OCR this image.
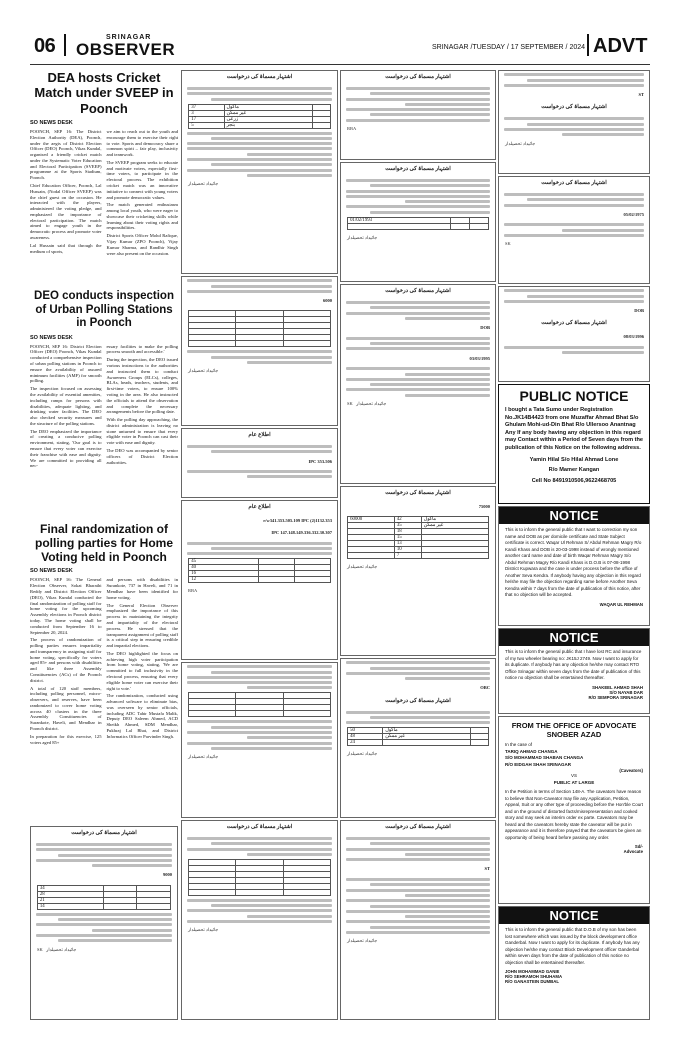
06	SRINAGAR
OBSERVER	SRINAGAR /TUESDAY / 17 SEPTEMBER / 2024 ADVT
DEA hosts Cricket Match under SVEEP in Poonch
SO NEWS DESK

POONCH, SEP 16: The District Election Authority (DEA), Poonch, under the aegis of District Election Officer (DEO) Poonch, Vikas Kundal, organised a friendly cricket match under the Systematic Voter Education and Electoral Participation (SVEEP) programme at the Sports Stadium, Poonch.

Chief Education Officer, Poonch, Lal Hussain, (Nodal Officer SVEEP) was the chief guest on the occasion. He interacted with the players, administered the voting pledge, and emphasized the importance of electoral participation. The match aimed to engage youth in the democratic process and promote voter awareness.

Lal Hussain said that through the medium of sports,

we aim to reach out to the youth and encourage them to exercise their right to vote. Sports and democracy share a common spirit – fair play, inclusivity and teamwork.

The SVEEP program seeks to educate and motivate voters, especially first-time voters, to participate in the electoral process. The exhibition cricket match was an innovative initiative to connect with young voters and promote democratic values.

The match generated enthusiasm among local youth, who were eager to showcase their cricketing skills while learning about their voting rights and responsibilities.

District Sports Officer Mohd Rafique, Vijay Kumar (ZPO Poonch), Vijay Kumar Sharma, and Randhir Singh were also present on the occasion.

DEO conducts inspection of Urban Polling Stations in Poonch
SO NEWS DESK

POONCH, SEP 16: District Election Officer (DEO) Poonch, Vikas Kundal conducted a comprehensive inspection of urban polling stations in Poonch to ensure the availability of assured minimum facilities (AMF) for smooth polling.

The inspection focused on assessing the availability of essential amenities, including ramps for persons with disabilities, adequate lighting, and drinking water facilities. The DEO also checked security measures and the structure of the polling stations.

The DEO emphasized the importance of creating a conducive polling environment, stating, 'Our goal is to ensure that every voter can exercise their franchise with ease and dignity. We are committed to providing all nec-

essary facilities to make the polling process smooth and accessible.'

During the inspection, the DEO issued various instructions to the authorities and instructed them to conduct Awareness Groups (ELCs), colleges, BLAs, heads, teachers, students, and first-time voters, to ensure 100% voting in the area. He also instructed the officials to attend the observation and complete the necessary arrangements before the polling date.

With the polling day approaching, the district administration is leaving no stone unturned to ensure that every eligible voter in Poonch can cast their vote with ease and dignity.

The DEO was accompanied by senior officers of District Election authorities.

Final randomization of polling parties for Home Voting held in Poonch
SO NEWS DESK

POONCH, SEP 16: The General Election Observer, Sokat Bharathi Reddy and District Election Officer (DEO), Vikas Kundal conducted the final randomization of polling staff for home voting for the upcoming Assembly elections in Poonch district today. The home voting shall be conducted from September 16 to September 20, 2024.

The process of randomization of polling parties ensures impartiality and transparency in assigning staff for home voting, specifically for voters aged 85+ and persons with disabilities and like three Assembly Constituencies (ACs) of the Poonch district.

A total of 120 staff members, including polling personnel, micro-observers, and reserves, have been randomized to cover home voting across 40 clusters in the three Assembly Constituencies of Surankote, Haveli, and Mendhar in Poonch district.

In preparation for this exercise, 125 voters aged 85+

and persons with disabilities in Surankote, 737 in Haveli, and 71 in Mendhar have been identified for home voting.

The General Election Observer emphasized the importance of this process in maintaining the integrity and impartiality of the electoral process. He stressed that the transparent assignment of polling staff is a critical step in ensuring credible and impartial elections.

The DEO highlighted the focus on achieving high voter participation from home voting, stating, 'We are committed to full inclusivity in the electoral process, ensuring that every eligible home voter can exercise their right to vote.'

The randomization, conducted using advanced software to eliminate bias, was overseen by senior officials, including ADC Tahir Mustafa Malik, Deputy DEO Saleem Ahmed, ACD Sheikh Ahmed, SDM Mendhar, Pukhraj Lal Bhat, and District Informatics Officer Parvinder Singh.

اشتہار مسماۃ کی درخواست
9000
34		
28		
21		
14		
SK جائیداد تحصیلدار
اشتہار مسماۃ کی درخواست
37	ماکول	
3	غیر ممکن	
17	زرعی	
5	بنجر	
جائیداد تحصیلدار
6000

جائیداد تحصیلدار
اطلاع عام
353.506 IPC
اطلاع عام
1132.353(2) r/w341.353.505.109 IPC
147.148.149.336.332.30.307 IPC
45		
40		
16		
12		
RBA

جائیداد تحصیلدار
اشتہار مسماۃ کی درخواست

جائیداد تحصیلدار
اشتہار مسماۃ کی درخواست
RBA
اشتہار مسماۃ کی درخواست
01/02/1993		

جائیداد تحصیلدار
اشتہار مسماۃ کی درخواست
DOB
03/03/1995
SK جائیداد تحصیلدار
اشتہار مسماۃ کی درخواست
75000
60000	42	ماکول
	35	غیر ممکن
	18	
	15	
	13	
	10	
	7	
جائیداد تحصیلدار
OBC
اشتہار مسماۃ کی درخواست
50	ماکول	
48	غیر ممکن	
24		
جائیداد تحصیلدار
اشتہار مسماۃ کی درخواست
ST
جائیداد تحصیلدار
ST
اشتہار مسماۃ کی درخواست
جائیداد تحصیلدار
اشتہار مسماۃ کی درخواست
05/02/1975
SK
DOB
اشتہار مسماۃ کی درخواست
08/03/1996
PUBLIC NOTICE
I bought a Tata Sumo under Registration No.JK14B4423 from one Muzaffar Ahmad Bhat S/o Ghulam Mohi-ud-Din Bhat R/o Ullersoo Anantnag Any If any body having any objection in this regard may Contact within a Period of Seven days from the publication of this Notice on the following address.
Yamin Hilal S/o Hilal Ahmad Lone
R/o Mamer Kangan
Cell No 8491910506,9622468705
NOTICE
This is to inform the general public that I want to correction my son name and DOB as per domicile certificate and State Subject certificate is correct. Waqar Ul Rehman S/ Abdul Rehman Magry R/o Kandi Khass and DOB is 20-03-1998 instead of wrongly mentioned another card name and date of birth Waqar Rehman Magry S/o Abdul Rehman Magry R/o Kandi Khass is D.O.B is 07-08-1998 District Kupwara and the case is under process before the office of Another Seva Kendra. If anybody having any objection in this regard he/she may file the objection regarding same before Another Seva Kendra within 7 days from the date of publication of this notice, after that no objection will be accepted.
WAQAR UL REHMAN
NOTICE
This is to inform the general public that I have lost RC and insurance of my two wheeler bearing no: JK15J 2749. Now I want to apply for its duplicate. If anybody has any objection he/she may contact RTO Office Srinagar within seven days from the date of publication of this notice no objection shall be entertained thereafter.
SHAKEEL AHMAD SHAH
S/O NAYAB DAR
R/O SEMPORA SRINAGAR
FROM THE OFFICE OF ADVOCATE SNOBER AZAD
In the case of
TARIQ AHMAD CHANGA
S/O MOHAMMAD SHABAN CHANGA
R/O EIDGAH SHAH SRINAGAR
(Caveators)
VS
PUBLIC AT LARGE
In the Petition in terms of Section 148-A. The caveators have reason to believe that Non-Caveator may file any Application, Petition, Appeal, Suit or any other type of proceeding before the Hon'ble Court and on the ground of distorted facts/misrepresentation and cooked story and may seek an interim order ex parte. Caveators may be heard and the caveators hereby state the caveator will be put in appearance and it is therefore prayed that the caveators be given an opportunity of being heard before passing any order.
Sd/-
Advocate
NOTICE
This is to inform the general public that D.O.B of my son has been lost somewhere which was issued by the block development office Ganderbal. Now I want to apply for its duplicate. If anybody has any objection he/she may contact Block Development officer Ganderbal within seven days from the date of publication of this notice no objection shall be entertained thereafter.
JOHN MOHAMMAD GANIE
R/O SEHRAMOH SHUHAMA
R/O GANASTEIN DUMBAL
